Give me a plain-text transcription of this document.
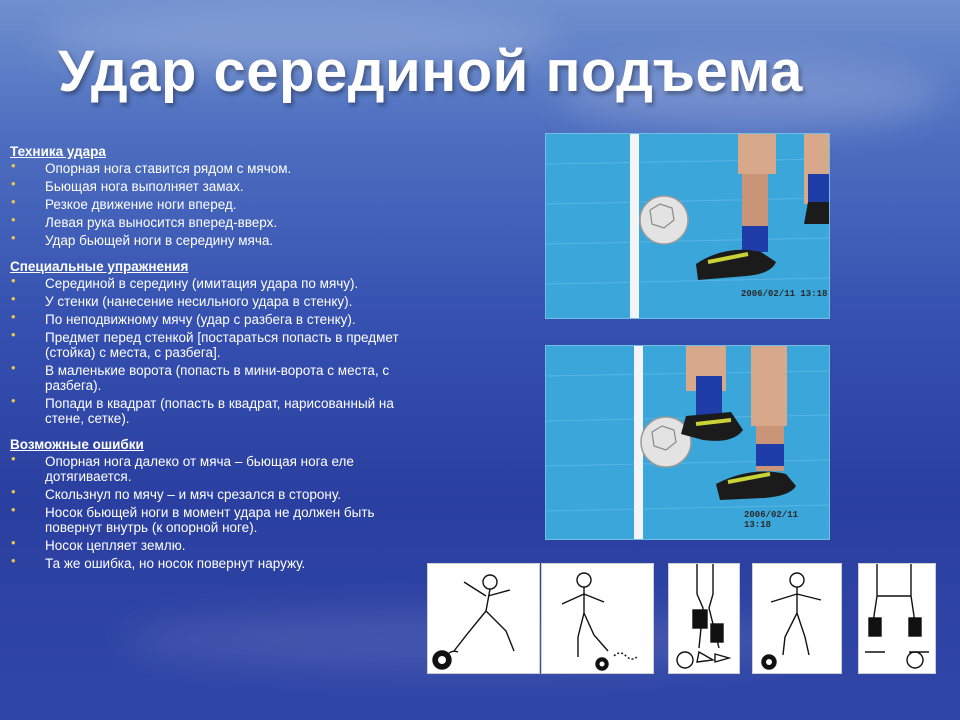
Удар серединой подъема
Техника удара
• Опорная нога ставится рядом с мячом.
• Бьющая нога выполняет замах.
• Резкое движение ноги вперед.
• Левая рука выносится вперед-вверх.
• Удар бьющей ноги в середину мяча.
Специальные упражнения
• Серединой в середину (имитация удара по мячу).
• У стенки (нанесение несильного удара в стенку).
• По неподвижному мячу (удар с разбега в стенку).
• Предмет перед стенкой [постараться попасть в предмет (стойка) с места, с разбега].
• В маленькие ворота (попасть в мини-ворота с места, с разбега).
• Попади в квадрат (попасть в квадрат, нарисованный на стене, сетке).
Возможные ошибки
• Опорная нога далеко от мяча – бьющая нога еле дотягивается.
• Скользнул по мячу – и мяч срезался в сторону.
• Носок бьющей ноги в момент удара не должен быть повернут внутрь (к опорной ноге).
• Носок цепляет землю.
• Та же ошибка, но носок повернут наружу.
2006/02/11 13:18
2006/02/11 13:18
